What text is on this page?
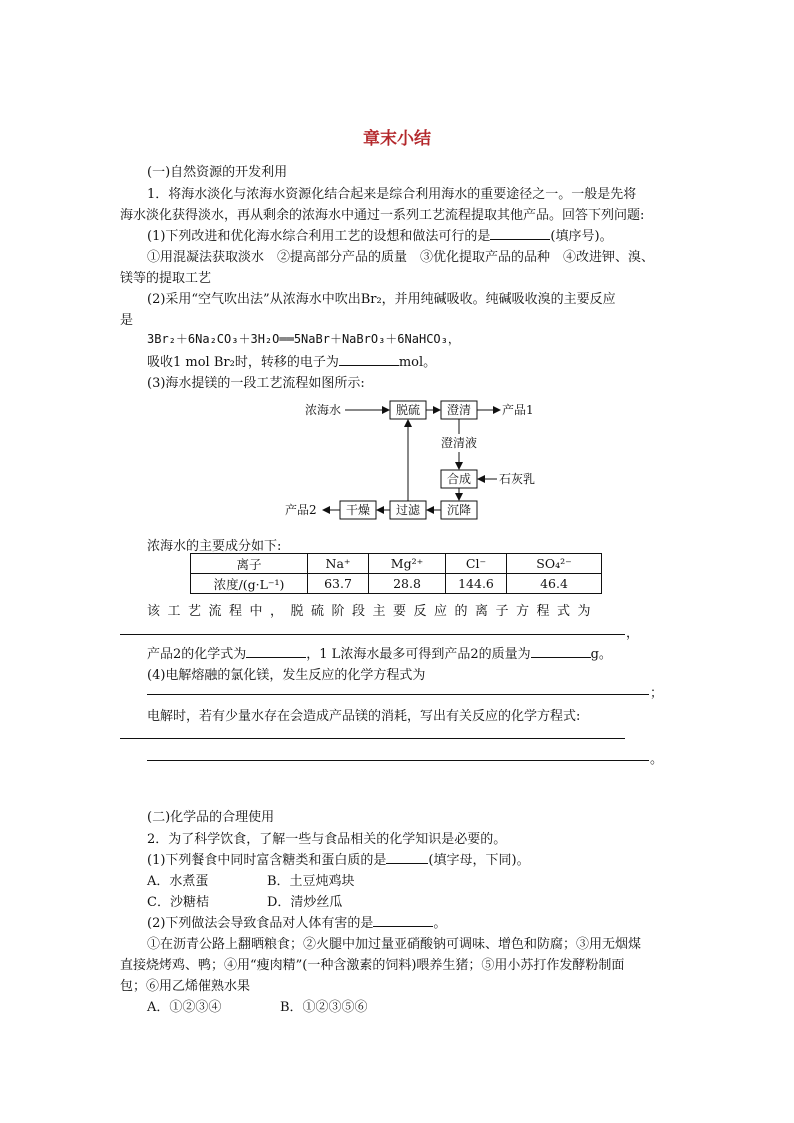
章末小结
(一)自然资源的开发利用
1．将海水淡化与浓海水资源化结合起来是综合利用海水的重要途径之一。一般是先将
海水淡化获得淡水，再从剩余的浓海水中通过一系列工艺流程提取其他产品。回答下列问题:
(1)下列改进和优化海水综合利用工艺的设想和做法可行的是	(填序号)。
①用混凝法获取淡水　②提高部分产品的质量　③优化提取产品的品种　④改进钾、溴、
镁等的提取工艺
(2)采用“空气吹出法”从浓海水中吹出Br₂，并用纯碱吸收。纯碱吸收溴的主要反应
是
3Br₂＋6Na₂CO₃＋3H₂O══5NaBr＋NaBrO₃＋6NaHCO₃，
吸收1 mol Br₂时，转移的电子为	mol。
(3)海水提镁的一段工艺流程如图所示:
浓海水	脱硫 澄清	产品1
澄清液
合成 石灰乳
沉降
过滤
干燥
产品2
浓海水的主要成分如下:
离子	Na⁺	Mg²⁺	Cl⁻	SO₄²⁻
浓度/(g·L⁻¹)	63.7	28.8	144.6	46.4
该工艺流程中，脱硫阶段主要反应的离子方程式为
，
产品2的化学式为	，1 L浓海水最多可得到产品2的质量为	g。
(4)电解熔融的氯化镁，发生反应的化学方程式为
；
电解时，若有少量水存在会造成产品镁的消耗，写出有关反应的化学方程式:
。
(二)化学品的合理使用
2．为了科学饮食，了解一些与食品相关的化学知识是必要的。
(1)下列餐食中同时富含糖类和蛋白质的是	(填字母，下同)。
A．水煮蛋	B．土豆炖鸡块
C．沙糖桔	D．清炒丝瓜
(2)下列做法会导致食品对人体有害的是	。
①在沥青公路上翻晒粮食；②火腿中加过量亚硝酸钠可调味、增色和防腐；③用无烟煤
直接烧烤鸡、鸭；④用“瘦肉精”(一种含激素的饲料)喂养生猪；⑤用小苏打作发酵粉制面
包；⑥用乙烯催熟水果
A．①②③④	B．①②③⑤⑥
